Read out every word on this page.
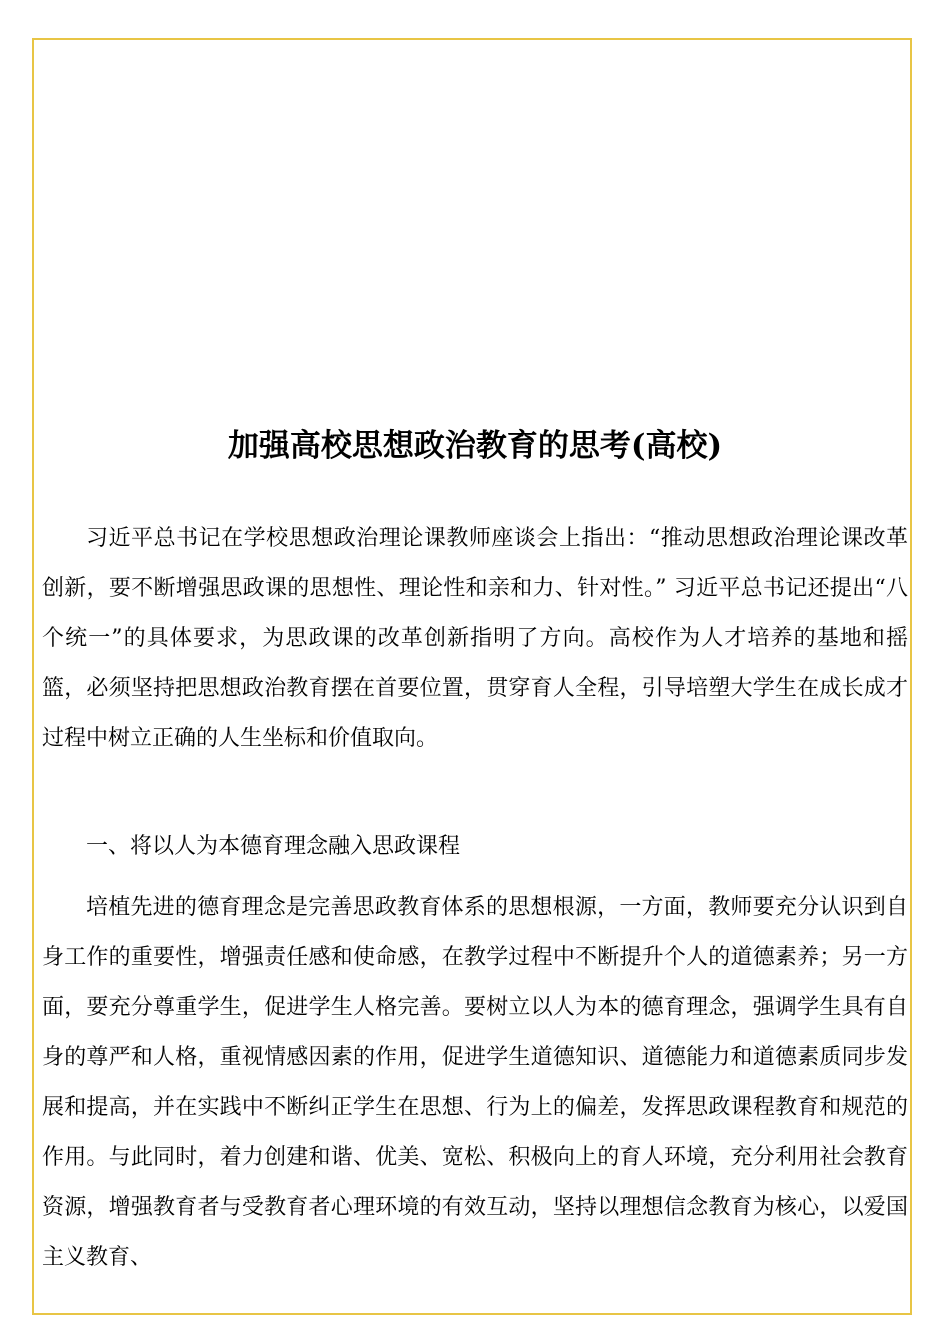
加强高校思想政治教育的思考(高校)

习近平总书记在学校思想政治理论课教师座谈会上指出：“推动思想政治理论课改革创新，要不断增强思政课的思想性、理论性和亲和力、针对性。” 习近平总书记还提出“八个统一”的具体要求，为思政课的改革创新指明了方向。高校作为人才培养的基地和摇篮，必须坚持把思想政治教育摆在首要位置，贯穿育人全程，引导培塑大学生在成长成才过程中树立正确的人生坐标和价值取向。

一、将以人为本德育理念融入思政课程

培植先进的德育理念是完善思政教育体系的思想根源，一方面，教师要充分认识到自身工作的重要性，增强责任感和使命感，在教学过程中不断提升个人的道德素养；另一方面，要充分尊重学生，促进学生人格完善。要树立以人为本的德育理念，强调学生具有自身的尊严和人格，重视情感因素的作用，促进学生道德知识、道德能力和道德素质同步发展和提高，并在实践中不断纠正学生在思想、行为上的偏差，发挥思政课程教育和规范的作用。与此同时，着力创建和谐、优美、宽松、积极向上的育人环境，充分利用社会教育资源，增强教育者与受教育者心理环境的有效互动，坚持以理想信念教育为核心，以爱国主义教育、
